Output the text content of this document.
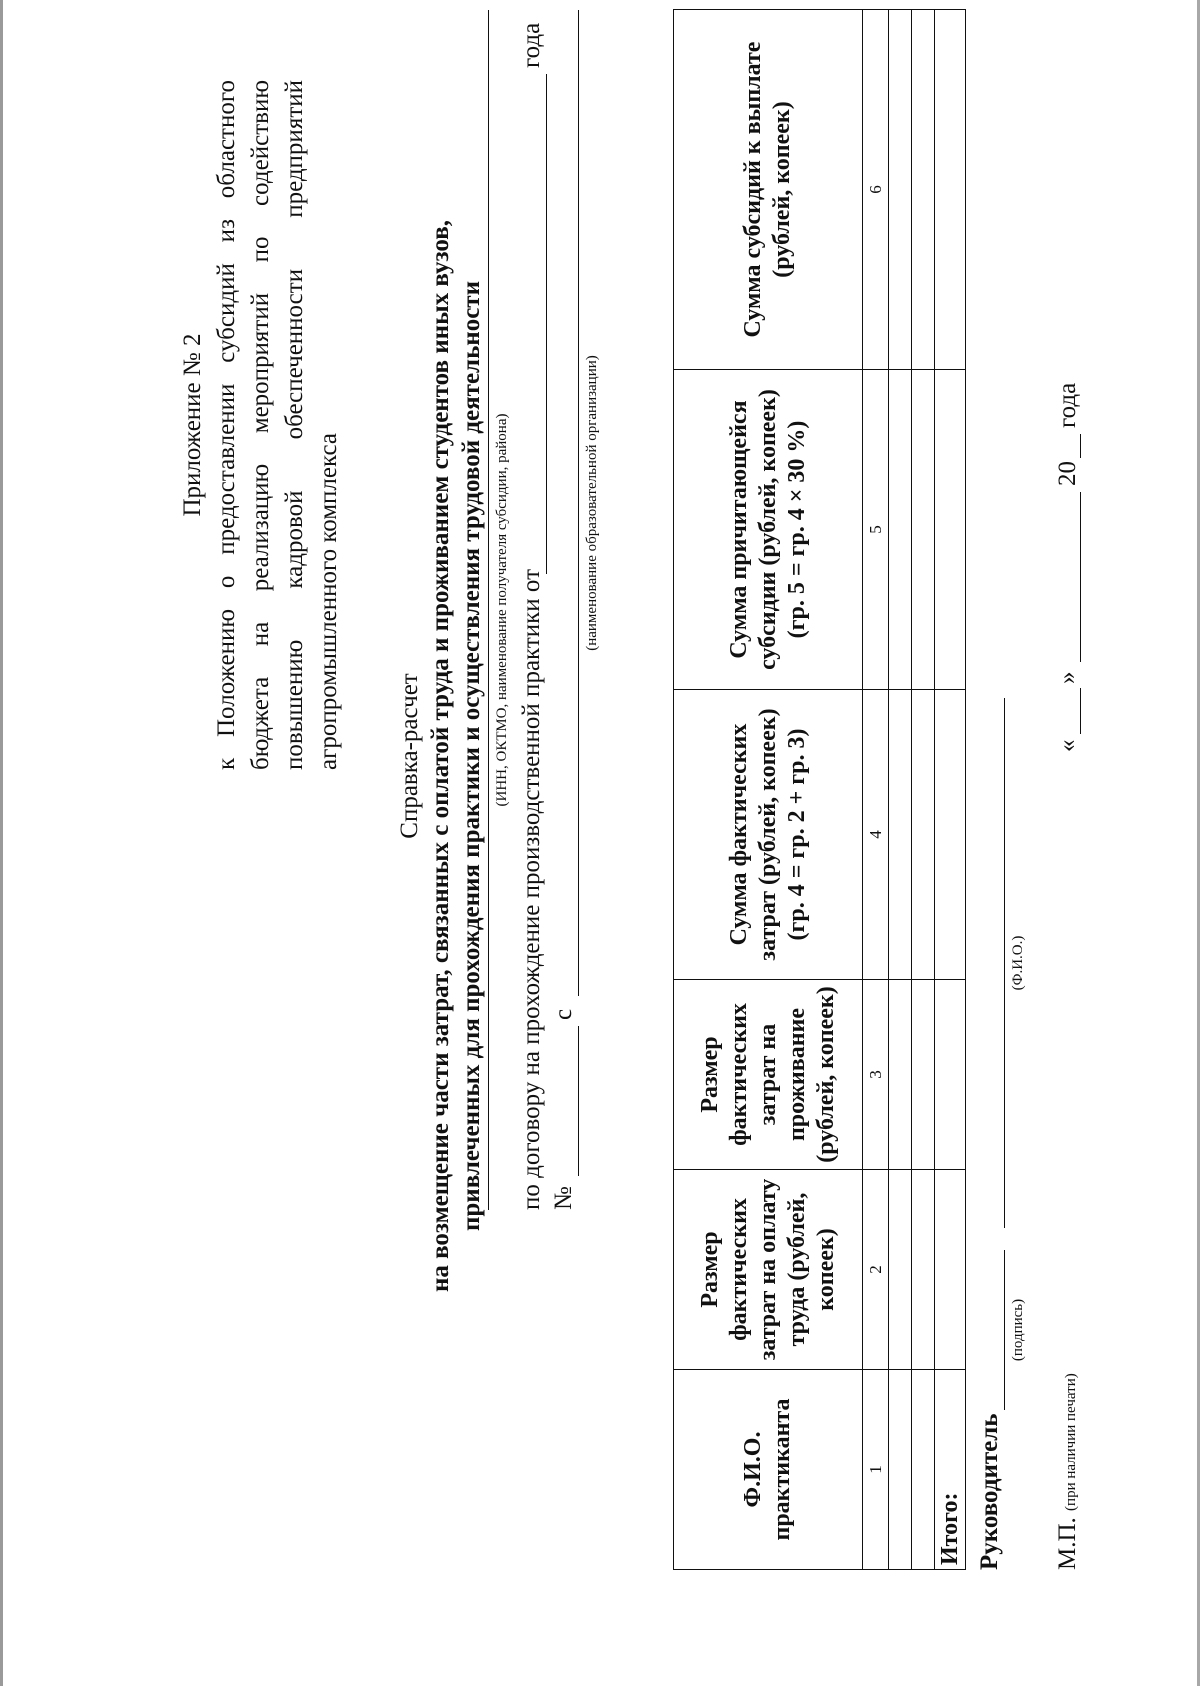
Приложение № 2 к Положению о предоставлении субсидий из областного бюджета на реализацию мероприятий по содействию повышению кадровой обеспеченности предприятий агропромышленного комплекса Справка-расчет на возмещение части затрат, связанных с оплатой труда и проживанием студентов иных вузов, привлеченных для прохождения практики и осуществления трудовой деятельности (ИНН, ОКТМО, наименование получателя субсидии, района) по договору на прохождение производственной практики от
года
№
с
(наименование образовательной организации)
Ф.И.О. практиканта	Размер фактических затрат на оплату труда (рублей, копеек)	Размер фактических затрат на проживание (рублей, копеек)	Сумма фактических затрат (рублей, копеек) (гр. 4 = гр. 2 + гр. 3)	Сумма причитающейся субсидии (рублей, копеек) (гр. 5 = гр. 4 × 30 %)	Сумма субсидий к выплате (рублей, копеек)
1	2	3	4	5	6

Итого:					Руководитель
(подпись)
(Ф.И.О.)
М.П. (при наличии печати)
«
»
20
года
